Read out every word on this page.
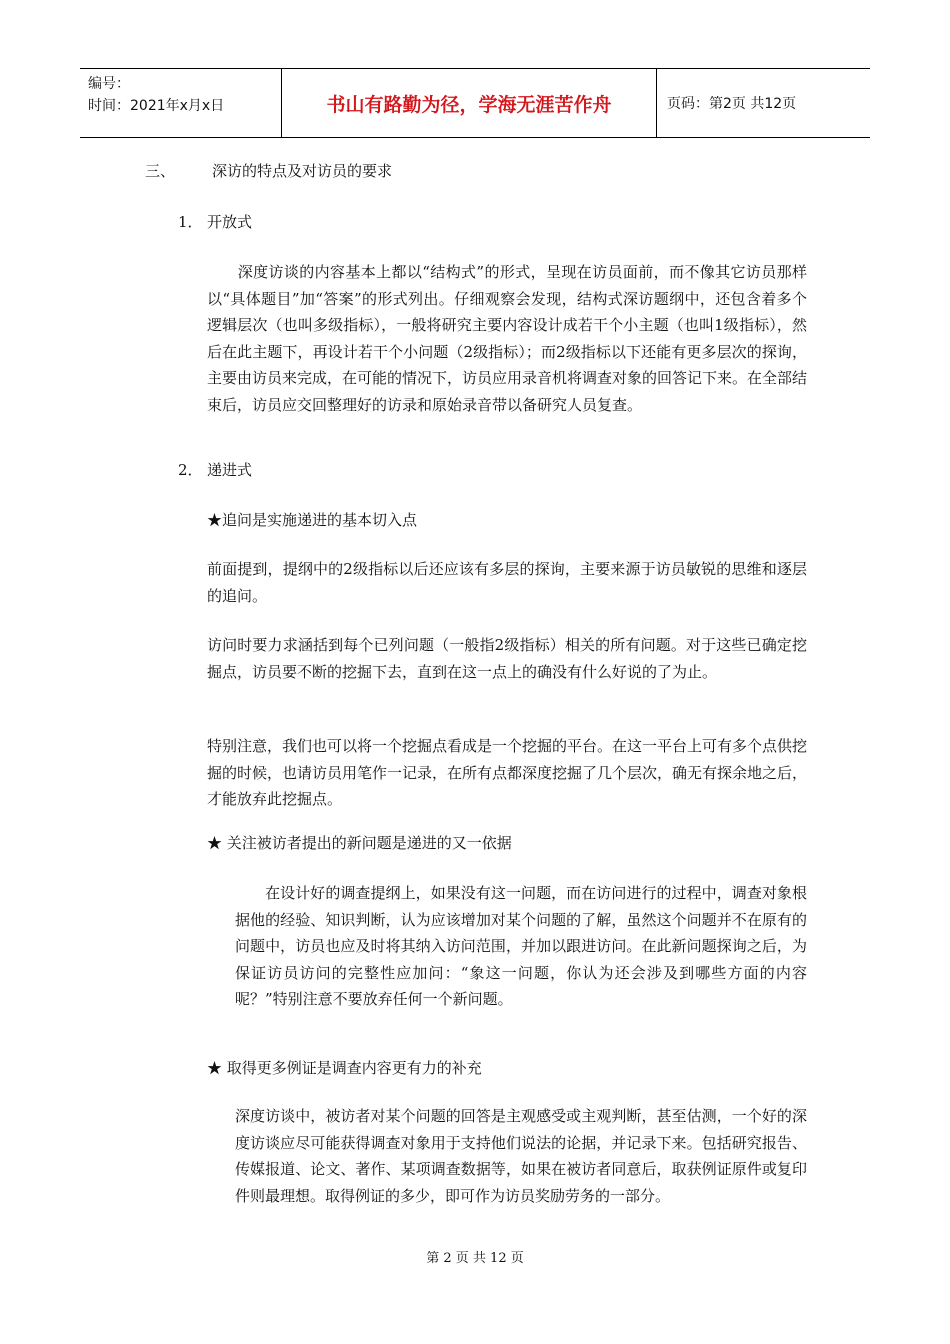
编号：
时间：2021年x月x日	书山有路勤为径，学海无涯苦作舟	页码：第2页 共12页
三、 深访的特点及对访员的要求
1． 开放式
　　深度访谈的内容基本上都以“结构式”的形式，呈现在访员面前，而不像其它访员那样以“具体题目”加“答案”的形式列出。仔细观察会发现，结构式深访题纲中，还包含着多个逻辑层次（也叫多级指标），一般将研究主要内容设计成若干个小主题（也叫1级指标），然后在此主题下，再设计若干个小问题（2级指标）；而2级指标以下还能有更多层次的探询，主要由访员来完成，在可能的情况下，访员应用录音机将调查对象的回答记下来。在全部结束后，访员应交回整理好的访录和原始录音带以备研究人员复查。
2． 递进式
★追问是实施递进的基本切入点
前面提到，提纲中的2级指标以后还应该有多层的探询，主要来源于访员敏锐的思维和逐层的追问。
访问时要力求涵括到每个已列问题（一般指2级指标）相关的所有问题。对于这些已确定挖掘点，访员要不断的挖掘下去，直到在这一点上的确没有什么好说的了为止。
特别注意，我们也可以将一个挖掘点看成是一个挖掘的平台。在这一平台上可有多个点供挖掘的时候，也请访员用笔作一记录，在所有点都深度挖掘了几个层次，确无有探余地之后，才能放弃此挖掘点。
★ 关注被访者提出的新问题是递进的又一依据
　　在设计好的调查提纲上，如果没有这一问题，而在访问进行的过程中，调查对象根据他的经验、知识判断，认为应该增加对某个问题的了解，虽然这个问题并不在原有的问题中，访员也应及时将其纳入访问范围，并加以跟进访问。在此新问题探询之后，为保证访员访问的完整性应加问：“象这一问题，你认为还会涉及到哪些方面的内容呢？”特别注意不要放弃任何一个新问题。
★ 取得更多例证是调查内容更有力的补充
深度访谈中，被访者对某个问题的回答是主观感受或主观判断，甚至估测，一个好的深度访谈应尽可能获得调查对象用于支持他们说法的论据，并记录下来。包括研究报告、传媒报道、论文、著作、某项调查数据等，如果在被访者同意后，取获例证原件或复印件则最理想。取得例证的多少，即可作为访员奖励劳务的一部分。
第 2 页 共 12 页
